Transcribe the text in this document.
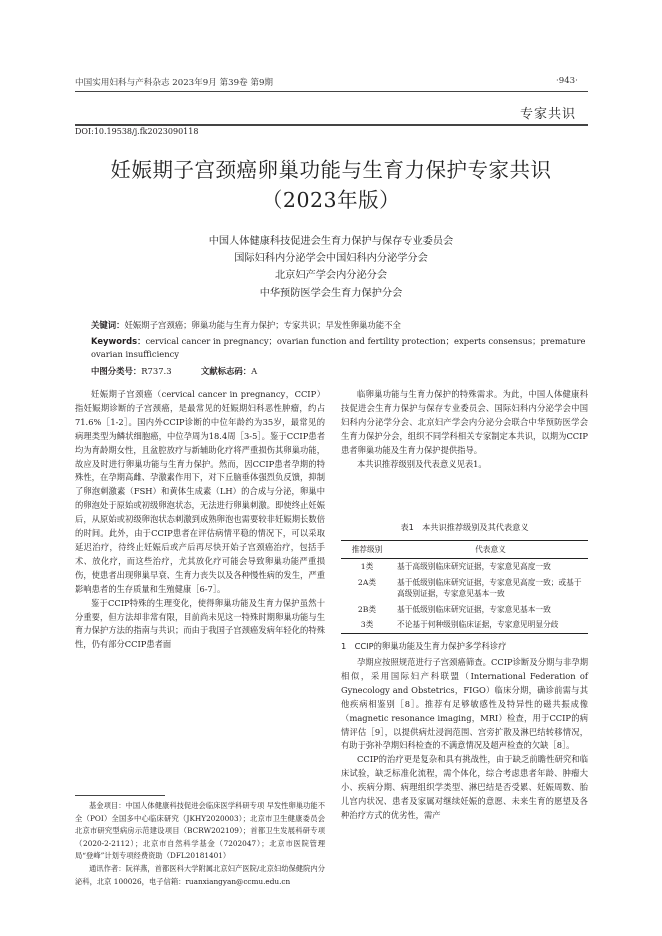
中国实用妇科与产科杂志 2023年9月 第39卷 第9期	·943·
专家共识
DOI:10.19538/j.fk2023090118
妊娠期子宫颈癌卵巢功能与生育力保护专家共识
（2023年版）
中国人体健康科技促进会生育力保护与保存专业委员会
国际妇科内分泌学会中国妇科内分泌学分会
北京妇产学会内分泌分会
中华预防医学会生育力保护分会
关键词：妊娠期子宫颈癌；卵巢功能与生育力保护；专家共识；早发性卵巢功能不全
Keywords：cervical cancer in pregnancy；ovarian function and fertility protection；experts consensus；premature ovarian insufficiency
中图分类号：R737.3	文献标志码：A

妊娠期子宫颈癌（cervical cancer in pregnancy，CCIP）指妊娠期诊断的子宫颈癌，是最常见的妊娠期妇科恶性肿瘤，约占71.6%［1-2］。国内外CCIP诊断的中位年龄约为35岁，最常见的病理类型为鳞状细胞癌，中位孕周为18.4周［3-5］。鉴于CCIP患者均为育龄期女性，且盆腔放疗与新辅助化疗将严重损伤其卵巢功能，故应及时进行卵巢功能与生育力保护。然而，因CCIP患者孕期的特殊性，在孕期高雌、孕激素作用下，对下丘脑垂体强烈负反馈，抑制了卵泡刺激素（FSH）和黄体生成素（LH）的合成与分泌，卵巢中的卵泡处于原始或初级卵泡状态，无法进行卵巢刺激。即使终止妊娠后，从原始或初级卵泡状态刺激到成熟卵泡也需要较非妊娠期长数倍的时间。此外，由于CCIP患者在评估病情平稳的情况下，可以采取延迟治疗，待终止妊娠后或产后再尽快开始子宫颈癌治疗，包括手术、放化疗，而这些治疗，尤其放化疗可能会导致卵巢功能严重损伤，使患者出现卵巢早衰、生育力丧失以及各种慢性病的发生，严重影响患者的生存质量和生殖健康［6-7］。

鉴于CCIP特殊的生理变化，使得卵巢功能及生育力保护虽然十分重要，但方法却非常有限，目前尚未见这一特殊时期卵巢功能与生育力保护方法的指南与共识；而由于我国子宫颈癌发病年轻化的特殊性，仍有部分CCIP患者面

基金项目：中国人体健康科技促进会临床医学科研专项 早发性卵巢功能不全（POI）全国多中心临床研究（JKHY2020003）；北京市卫生健康委员会北京市研究型病房示范建设项目（BCRW202109）；首都卫生发展科研专项（2020-2-2112）；北京市自然科学基金（7202047）；北京市医院管理局“登峰”计划专项经费资助（DFL20181401）

通讯作者：阮祥燕，首都医科大学附属北京妇产医院/北京妇幼保健院内分泌科，北京 100026，电子信箱：ruanxiangyan@ccmu.edu.cn

临卵巢功能与生育力保护的特殊需求。为此，中国人体健康科技促进会生育力保护与保存专业委员会、国际妇科内分泌学会中国妇科内分泌学分会、北京妇产学会内分泌分会联合中华预防医学会生育力保护分会，组织不同学科相关专家制定本共识，以期为CCIP患者卵巢功能及生育力保护提供指导。

本共识推荐级别及代表意义见表1。

表1　本共识推荐级别及其代表意义
推荐级别	代表意义
1类	基于高级别临床研究证据，专家意见高度一致
2A类	基于低级别临床研究证据，专家意见高度一致；或基于高级别证据，专家意见基本一致
2B类	基于低级别临床研究证据，专家意见基本一致
3类	不论基于何种级别临床证据，专家意见明显分歧
1　CCIP的卵巢功能及生育力保护多学科诊疗

孕期应按照规范进行子宫颈癌筛查。CCIP诊断及分期与非孕期相似，采用国际妇产科联盟（International Federation of Gynecology and Obstetrics，FIGO）临床分期，确诊前需与其他疾病相鉴别［8］。推荐有足够敏感性及特异性的磁共振成像（magnetic resonance imaging，MRI）检查，用于CCIP的病情评估［9］，以提供病灶浸润范围、宫旁扩散及淋巴结转移情况，有助于弥补孕期妇科检查的不满意情况及超声检查的欠缺［8］。

CCIP的治疗更是复杂和具有挑战性，由于缺乏前瞻性研究和临床试验，缺乏标准化流程，需个体化，综合考虑患者年龄、肿瘤大小、疾病分期、病理组织学类型、淋巴结是否受累、妊娠周数、胎儿宫内状况、患者及家属对继续妊娠的意愿、未来生育的愿望及各种治疗方式的优劣性，需产
